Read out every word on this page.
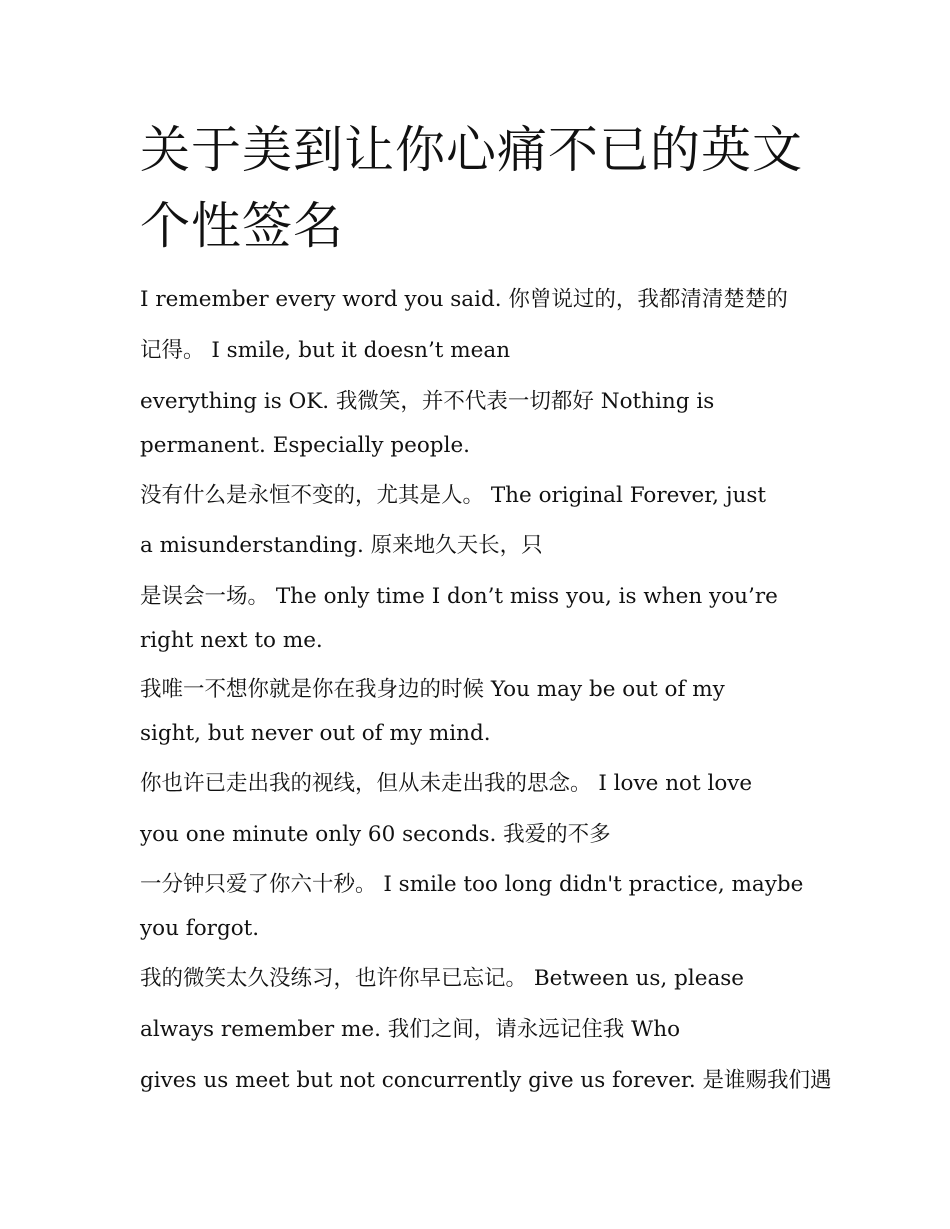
关于美到让你心痛不已的英文
个性签名
I remember every word you said. 你曾说过的，我都清清楚楚的
记得。 I smile, but it doesn’t mean
everything is OK. 我微笑，并不代表一切都好 Nothing is
permanent. Especially people.
没有什么是永恒不变的，尤其是人。 The original Forever, just
a misunderstanding. 原来地久天长，只
是误会一场。 The only time I don’t miss you, is when you’re
right next to me.
我唯一不想你就是你在我身边的时候 You may be out of my
sight, but never out of my mind.
你也许已走出我的视线，但从未走出我的思念。 I love not love
you one minute only 60 seconds. 我爱的不多
一分钟只爱了你六十秒。 I smile too long didn't practice, maybe
you forgot.
我的微笑太久没练习，也许你早已忘记。 Between us, please
always remember me. 我们之间，请永远记住我 Who
gives us meet but not concurrently give us forever. 是谁赐我们遇
